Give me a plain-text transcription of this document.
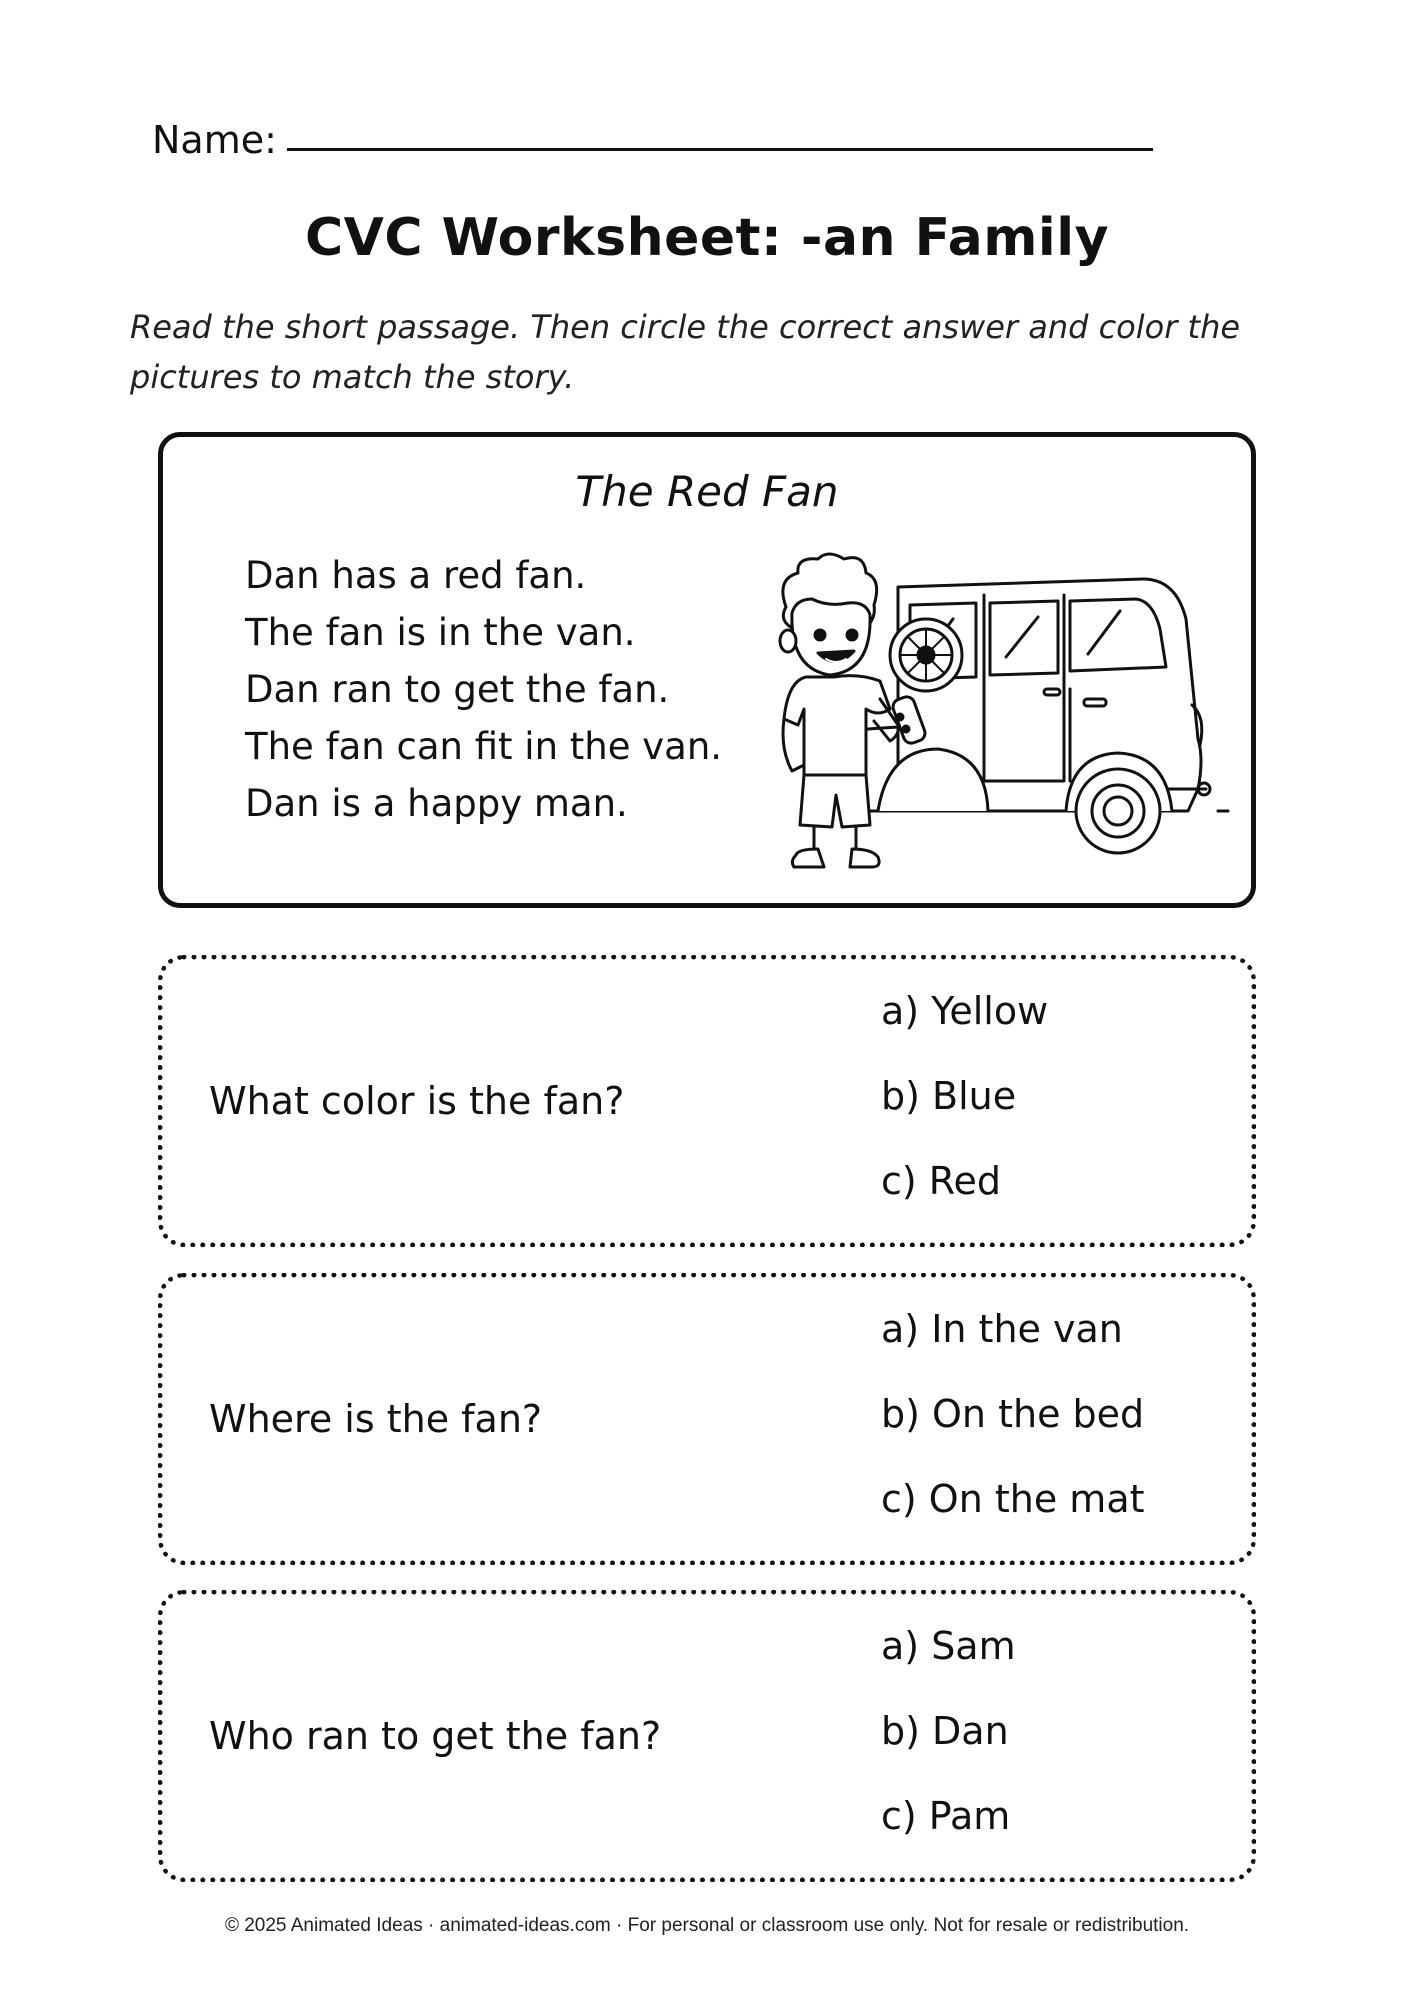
Name:
CVC Worksheet: -an Family
Read the short passage. Then circle the correct answer and color the pictures to match the story.
The Red Fan
Dan has a red fan.
The fan is in the van.
Dan ran to get the fan.
The fan can fit in the van.
Dan is a happy man.
What color is the fan?
a) Yellow
b) Blue
c) Red
Where is the fan?
a) In the van
b) On the bed
c) On the mat
Who ran to get the fan?
a) Sam
b) Dan
c) Pam
© 2025 Animated Ideas · animated-ideas.com · For personal or classroom use only. Not for resale or redistribution.
